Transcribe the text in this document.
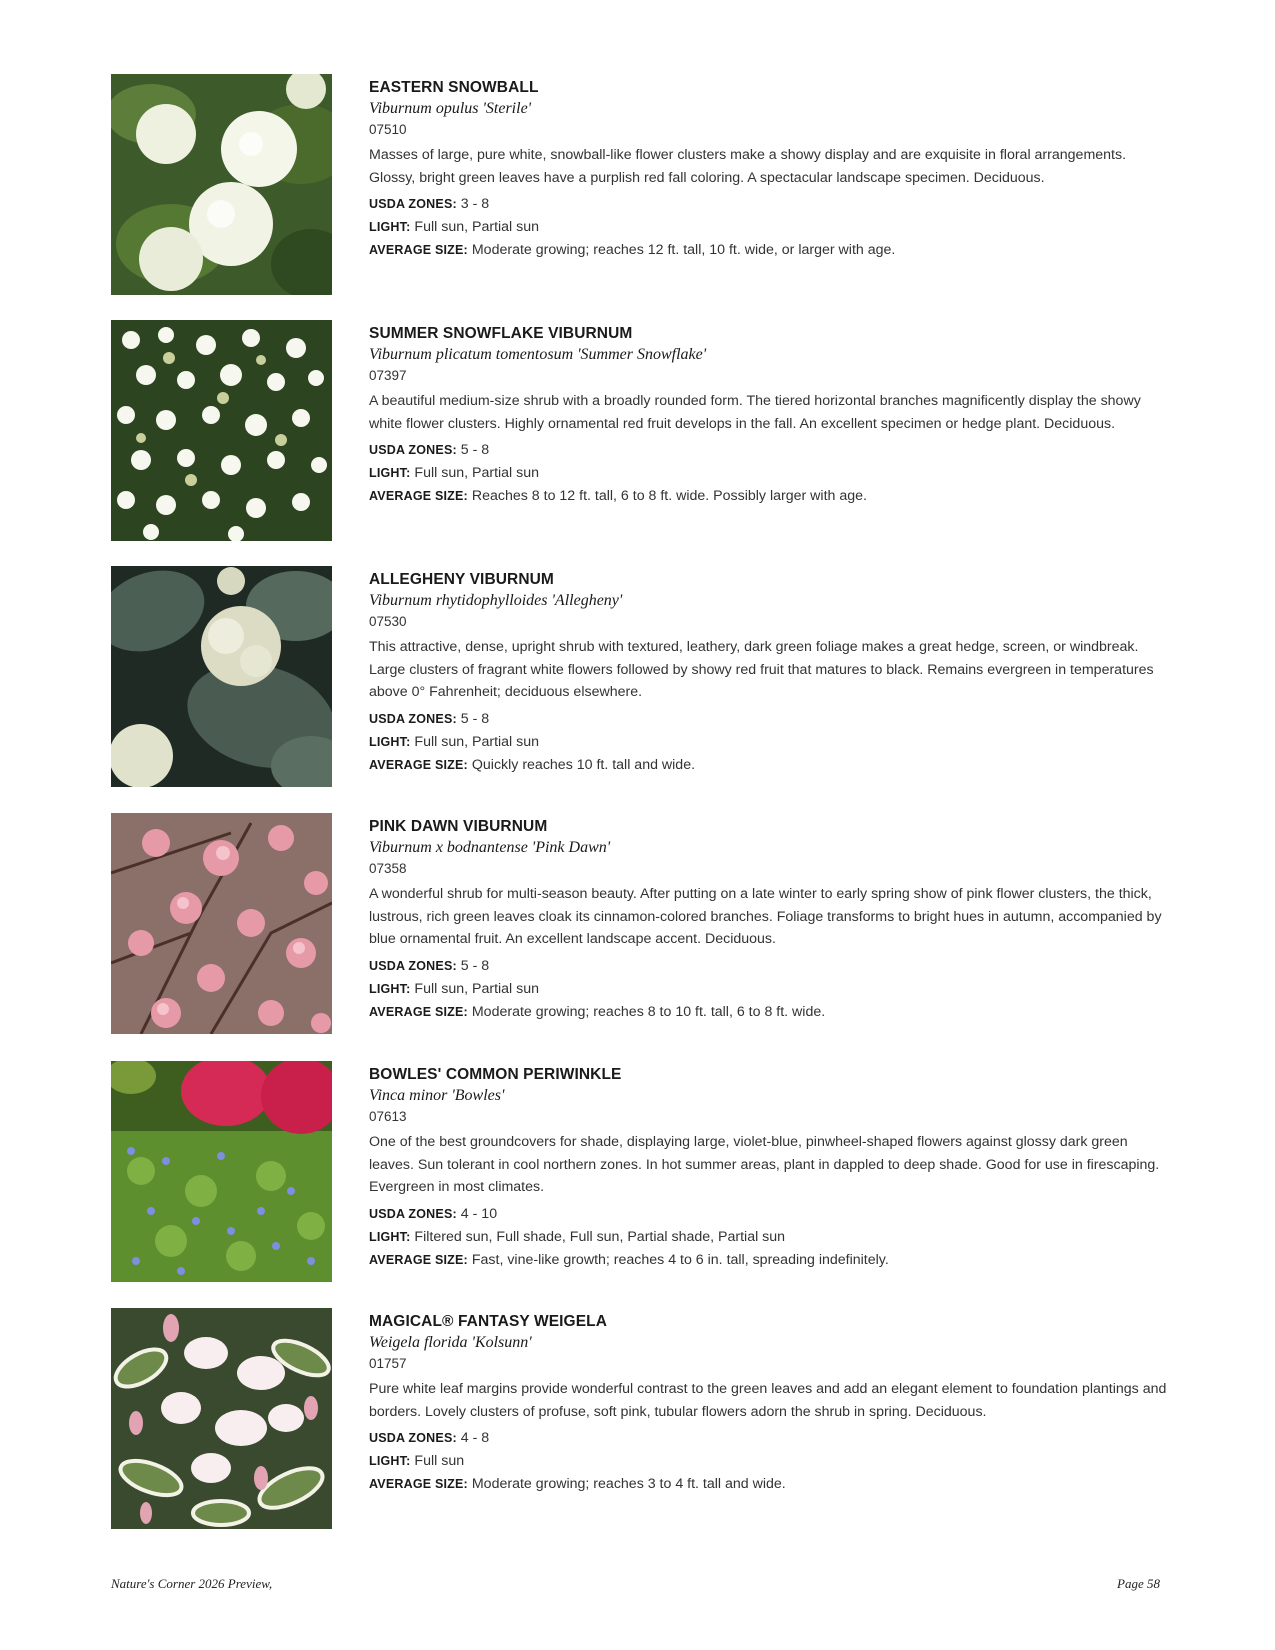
EASTERN SNOWBALL

Viburnum opulus 'Sterile'

07510

Masses of large, pure white, snowball-like flower clusters make a showy display and are exquisite in floral arrangements. Glossy, bright green leaves have a purplish red fall coloring. A spectacular landscape specimen. Deciduous.

USDA ZONES: 3 - 8

LIGHT: Full sun, Partial sun

AVERAGE SIZE: Moderate growing; reaches 12 ft. tall, 10 ft. wide, or larger with age.

SUMMER SNOWFLAKE VIBURNUM

Viburnum plicatum tomentosum 'Summer Snowflake'

07397

A beautiful medium-size shrub with a broadly rounded form. The tiered horizontal branches magnificently display the showy white flower clusters. Highly ornamental red fruit develops in the fall. An excellent specimen or hedge plant. Deciduous.

USDA ZONES: 5 - 8

LIGHT: Full sun, Partial sun

AVERAGE SIZE: Reaches 8 to 12 ft. tall, 6 to 8 ft. wide. Possibly larger with age.

ALLEGHENY VIBURNUM

Viburnum rhytidophylloides 'Allegheny'

07530

This attractive, dense, upright shrub with textured, leathery, dark green foliage makes a great hedge, screen, or windbreak. Large clusters of fragrant white flowers followed by showy red fruit that matures to black. Remains evergreen in temperatures above 0° Fahrenheit; deciduous elsewhere.

USDA ZONES: 5 - 8

LIGHT: Full sun, Partial sun

AVERAGE SIZE: Quickly reaches 10 ft. tall and wide.

PINK DAWN VIBURNUM

Viburnum x bodnantense 'Pink Dawn'

07358

A wonderful shrub for multi-season beauty. After putting on a late winter to early spring show of pink flower clusters, the thick, lustrous, rich green leaves cloak its cinnamon-colored branches. Foliage transforms to bright hues in autumn, accompanied by blue ornamental fruit. An excellent landscape accent. Deciduous.

USDA ZONES: 5 - 8

LIGHT: Full sun, Partial sun

AVERAGE SIZE: Moderate growing; reaches 8 to 10 ft. tall, 6 to 8 ft. wide.

BOWLES' COMMON PERIWINKLE

Vinca minor 'Bowles'

07613

One of the best groundcovers for shade, displaying large, violet-blue, pinwheel-shaped flowers against glossy dark green leaves. Sun tolerant in cool northern zones. In hot summer areas, plant in dappled to deep shade. Good for use in firescaping. Evergreen in most climates.

USDA ZONES: 4 - 10

LIGHT: Filtered sun, Full shade, Full sun, Partial shade, Partial sun

AVERAGE SIZE: Fast, vine-like growth; reaches 4 to 6 in. tall, spreading indefinitely.

MAGICAL® FANTASY WEIGELA

Weigela florida 'Kolsunn'

01757

Pure white leaf margins provide wonderful contrast to the green leaves and add an elegant element to foundation plantings and borders. Lovely clusters of profuse, soft pink, tubular flowers adorn the shrub in spring. Deciduous.

USDA ZONES: 4 - 8

LIGHT: Full sun

AVERAGE SIZE: Moderate growing; reaches 3 to 4 ft. tall and wide.

Nature's Corner 2026 Preview,	Page 58
